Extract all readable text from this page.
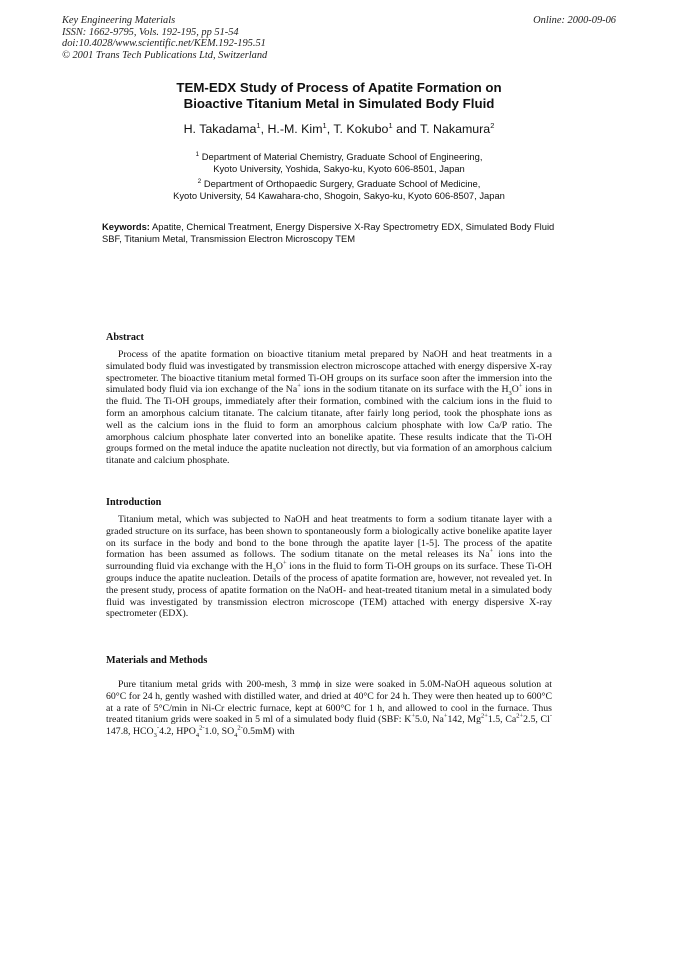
Key Engineering Materials
ISSN: 1662-9795, Vols. 192-195, pp 51-54
doi:10.4028/www.scientific.net/KEM.192-195.51
© 2001 Trans Tech Publications Ltd, Switzerland
Online: 2000-09-06
TEM-EDX Study of Process of Apatite Formation on
Bioactive Titanium Metal in Simulated Body Fluid
H. Takadama$^1$, H.-M. Kim$^1$, T. Kokubo$^1$ and T. Nakamura$^2$
$^1$ Department of Material Chemistry, Graduate School of Engineering,
Kyoto University, Yoshida, Sakyo-ku, Kyoto 606-8501, Japan
$^2$ Department of Orthopaedic Surgery, Graduate School of Medicine,
Kyoto University, 54 Kawahara-cho, Shogoin, Sakyo-ku, Kyoto 606-8507, Japan
Keywords: Apatite, Chemical Treatment, Energy Dispersive X-Ray Spectrometry EDX, Simulated Body Fluid SBF, Titanium Metal, Transmission Electron Microscopy TEM
Abstract
Process of the apatite formation on bioactive titanium metal prepared by NaOH and heat treatments in a simulated body fluid was investigated by transmission electron microscope attached with energy dispersive X-ray spectrometer. The bioactive titanium metal formed Ti-OH groups on its surface soon after the immersion into the simulated body fluid via ion exchange of the Na+ ions in the sodium titanate on its surface with the $H_3O^+$ ions in the fluid. The Ti-OH groups, immediately after their formation, combined with the calcium ions in the fluid to form an amorphous calcium titanate. The calcium titanate, after fairly long period, took the phosphate ions as well as the calcium ions in the fluid to form an amorphous calcium phosphate with low Ca/P ratio. The amorphous calcium phosphate later converted into an bonelike apatite. These results indicate that the Ti-OH groups formed on the metal induce the apatite nucleation not directly, but via formation of an amorphous calcium titanate and calcium phosphate.
Introduction
Titanium metal, which was subjected to NaOH and heat treatments to form a sodium titanate layer with a graded structure on its surface, has been shown to spontaneously form a biologically active bonelike apatite layer on its surface in the body and bond to the bone through the apatite layer [1-5]. The process of the apatite formation has been assumed as follows. The sodium titanate on the metal releases its Na+ ions into the surrounding fluid via exchange with the $H_3O^+$ ions in the fluid to form Ti-OH groups on its surface. These Ti-OH groups induce the apatite nucleation. Details of the process of apatite formation are, however, not revealed yet. In the present study, process of apatite formation on the NaOH- and heat-treated titanium metal in a simulated body fluid was investigated by transmission electron microscope (TEM) attached with energy dispersive X-ray spectrometer (EDX).
Materials and Methods
Pure titanium metal grids with 200-mesh, 3 mmϕ in size were soaked in 5.0M-NaOH aqueous solution at 60°C for 24 h, gently washed with distilled water, and dried at 40°C for 24 h. They were then heated up to 600°C at a rate of 5°C/min in Ni-Cr electric furnace, kept at 600°C for 1 h, and allowed to cool in the furnace. Thus treated titanium grids were soaked in 5 ml of a simulated body fluid (SBF: K+5.0, Na+142, $Mg^{2+}1.5$, $Ca^{2+}2.5$, Cl-147.8, $HCO_3^-4.2$, $HPO_4^{2-}1.0$, $SO_4^{2-}0.5mM$) with
